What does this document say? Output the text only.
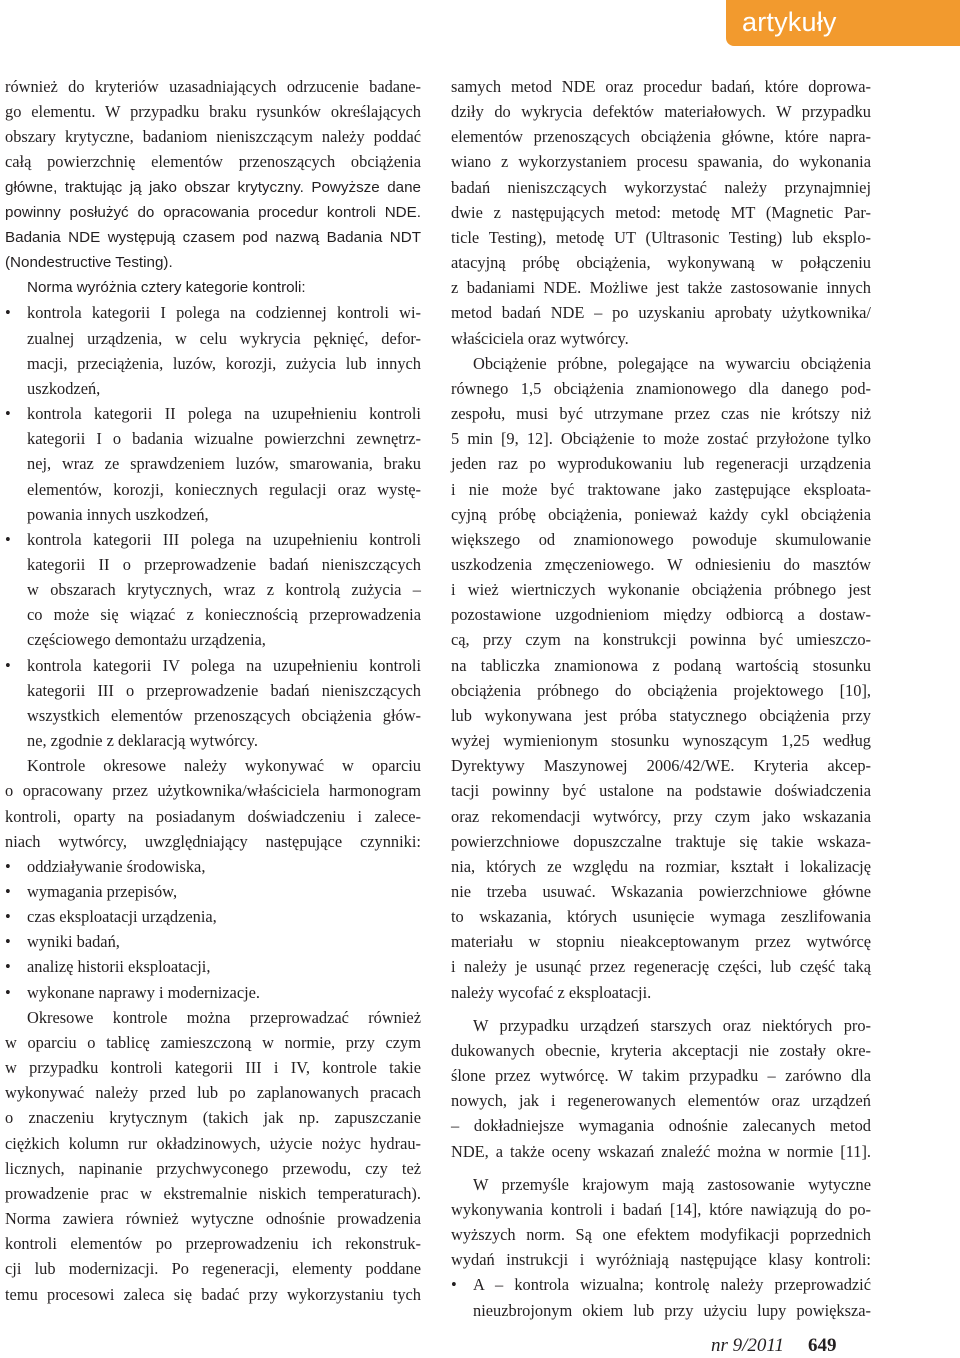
artykuły
również do kryteriów uzasadniających odrzucenie badane-
go elementu. W przypadku braku rysunków określających
obszary krytyczne, badaniom nieniszczącym należy poddać
całą powierzchnię elementów przenoszących obciążenia
główne, traktując ją jako obszar krytyczny. Powyższe dane
powinny posłużyć do opracowania procedur kontroli NDE.
Badania NDE występują czasem pod nazwą Badania NDT
(Nondestructive Testing).
Norma wyróżnia cztery kategorie kontroli:
• kontrola kategorii I polega na codziennej kontroli wi-
zualnej urządzenia, w celu wykrycia pęknięć, defor-
macji, przeciążenia, luzów, korozji, zużycia lub innych
uszkodzeń,
• kontrola kategorii II polega na uzupełnieniu kontroli
kategorii I o badania wizualne powierzchni zewnętrz-
nej, wraz ze sprawdzeniem luzów, smarowania, braku
elementów, korozji, koniecznych regulacji oraz wystę-
powania innych uszkodzeń,
• kontrola kategorii III polega na uzupełnieniu kontroli
kategorii II o przeprowadzenie badań nieniszczących
w obszarach krytycznych, wraz z kontrolą zużycia –
co może się wiązać z koniecznością przeprowadzenia
częściowego demontażu urządzenia,
• kontrola kategorii IV polega na uzupełnieniu kontroli
kategorii III o przeprowadzenie badań nieniszczących
wszystkich elementów przenoszących obciążenia głów-
ne, zgodnie z deklaracją wytwórcy.
Kontrole okresowe należy wykonywać w oparciu
o opracowany przez użytkownika/właściciela harmonogram
kontroli, oparty na posiadanym doświadczeniu i zalece-
niach wytwórcy, uwzględniający następujące czynniki:
• oddziaływanie środowiska,
• wymagania przepisów,
• czas eksploatacji urządzenia,
• wyniki badań,
• analizę historii eksploatacji,
• wykonane naprawy i modernizacje.
Okresowe kontrole można przeprowadzać również
w oparciu o tablicę zamieszczoną w normie, przy czym
w przypadku kontroli kategorii III i IV, kontrole takie
wykonywać należy przed lub po zaplanowanych pracach
o znaczeniu krytycznym (takich jak np. zapuszczanie
ciężkich kolumn rur okładzinowych, użycie nożyc hydrau-
licznych, napinanie przychwyconego przewodu, czy też
prowadzenie prac w ekstremalnie niskich temperaturach).
Norma zawiera również wytyczne odnośnie prowadzenia
kontroli elementów po przeprowadzeniu ich rekonstruk-
cji lub modernizacji. Po regeneracji, elementy poddane
temu procesowi zaleca się badać przy wykorzystaniu tych
samych metod NDE oraz procedur badań, które doprowa-
dziły do wykrycia defektów materiałowych. W przypadku
elementów przenoszących obciążenia główne, które napra-
wiano z wykorzystaniem procesu spawania, do wykonania
badań nieniszczących wykorzystać należy przynajmniej
dwie z następujących metod: metodę MT (Magnetic Par-
ticle Testing), metodę UT (Ultrasonic Testing) lub eksplo-
atacyjną próbę obciążenia, wykonywaną w połączeniu
z badaniami NDE. Możliwe jest także zastosowanie innych
metod badań NDE – po uzyskaniu aprobaty użytkownika/
właściciela oraz wytwórcy.
Obciążenie próbne, polegające na wywarciu obciążenia
równego 1,5 obciążenia znamionowego dla danego pod-
zespołu, musi być utrzymane przez czas nie krótszy niż
5 min [9, 12]. Obciążenie to może zostać przyłożone tylko
jeden raz po wyprodukowaniu lub regeneracji urządzenia
i nie może być traktowane jako zastępujące eksploata-
cyjną próbę obciążenia, ponieważ każdy cykl obciążenia
większego od znamionowego powoduje skumulowanie
uszkodzenia zmęczeniowego. W odniesieniu do masztów
i wież wiertniczych wykonanie obciążenia próbnego jest
pozostawione uzgodnieniom między odbiorcą a dostaw-
cą, przy czym na konstrukcji powinna być umieszczo-
na tabliczka znamionowa z podaną wartością stosunku
obciążenia próbnego do obciążenia projektowego [10],
lub wykonywana jest próba statycznego obciążenia przy
wyżej wymienionym stosunku wynoszącym 1,25 według
Dyrektywy Maszynowej 2006/42/WE. Kryteria akcep-
tacji powinny być ustalone na podstawie doświadczenia
oraz rekomendacji wytwórcy, przy czym jako wskazania
powierzchniowe dopuszczalne traktuje się takie wskaza-
nia, których ze względu na rozmiar, kształt i lokalizację
nie trzeba usuwać. Wskazania powierzchniowe główne
to wskazania, których usunięcie wymaga zeszlifowania
materiału w stopniu nieakceptowanym przez wytwórcę
i należy je usunąć przez regenerację części, lub część taką
należy wycofać z eksploatacji.
W przypadku urządzeń starszych oraz niektórych pro-
dukowanych obecnie, kryteria akceptacji nie zostały okre-
ślone przez wytwórcę. W takim przypadku – zarówno dla
nowych, jak i regenerowanych elementów oraz urządzeń
– dokładniejsze wymagania odnośnie zalecanych metod
NDE, a także oceny wskazań znaleźć można w normie [11].
W przemyśle krajowym mają zastosowanie wytyczne
wykonywania kontroli i badań [14], które nawiązują do po-
wyższych norm. Są one efektem modyfikacji poprzednich
wydań instrukcji i wyróżniają następujące klasy kontroli:
• A – kontrola wizualna; kontrolę należy przeprowadzić
nieuzbrojonym okiem lub przy użyciu lupy powiększa-
nr 9/2011 649
